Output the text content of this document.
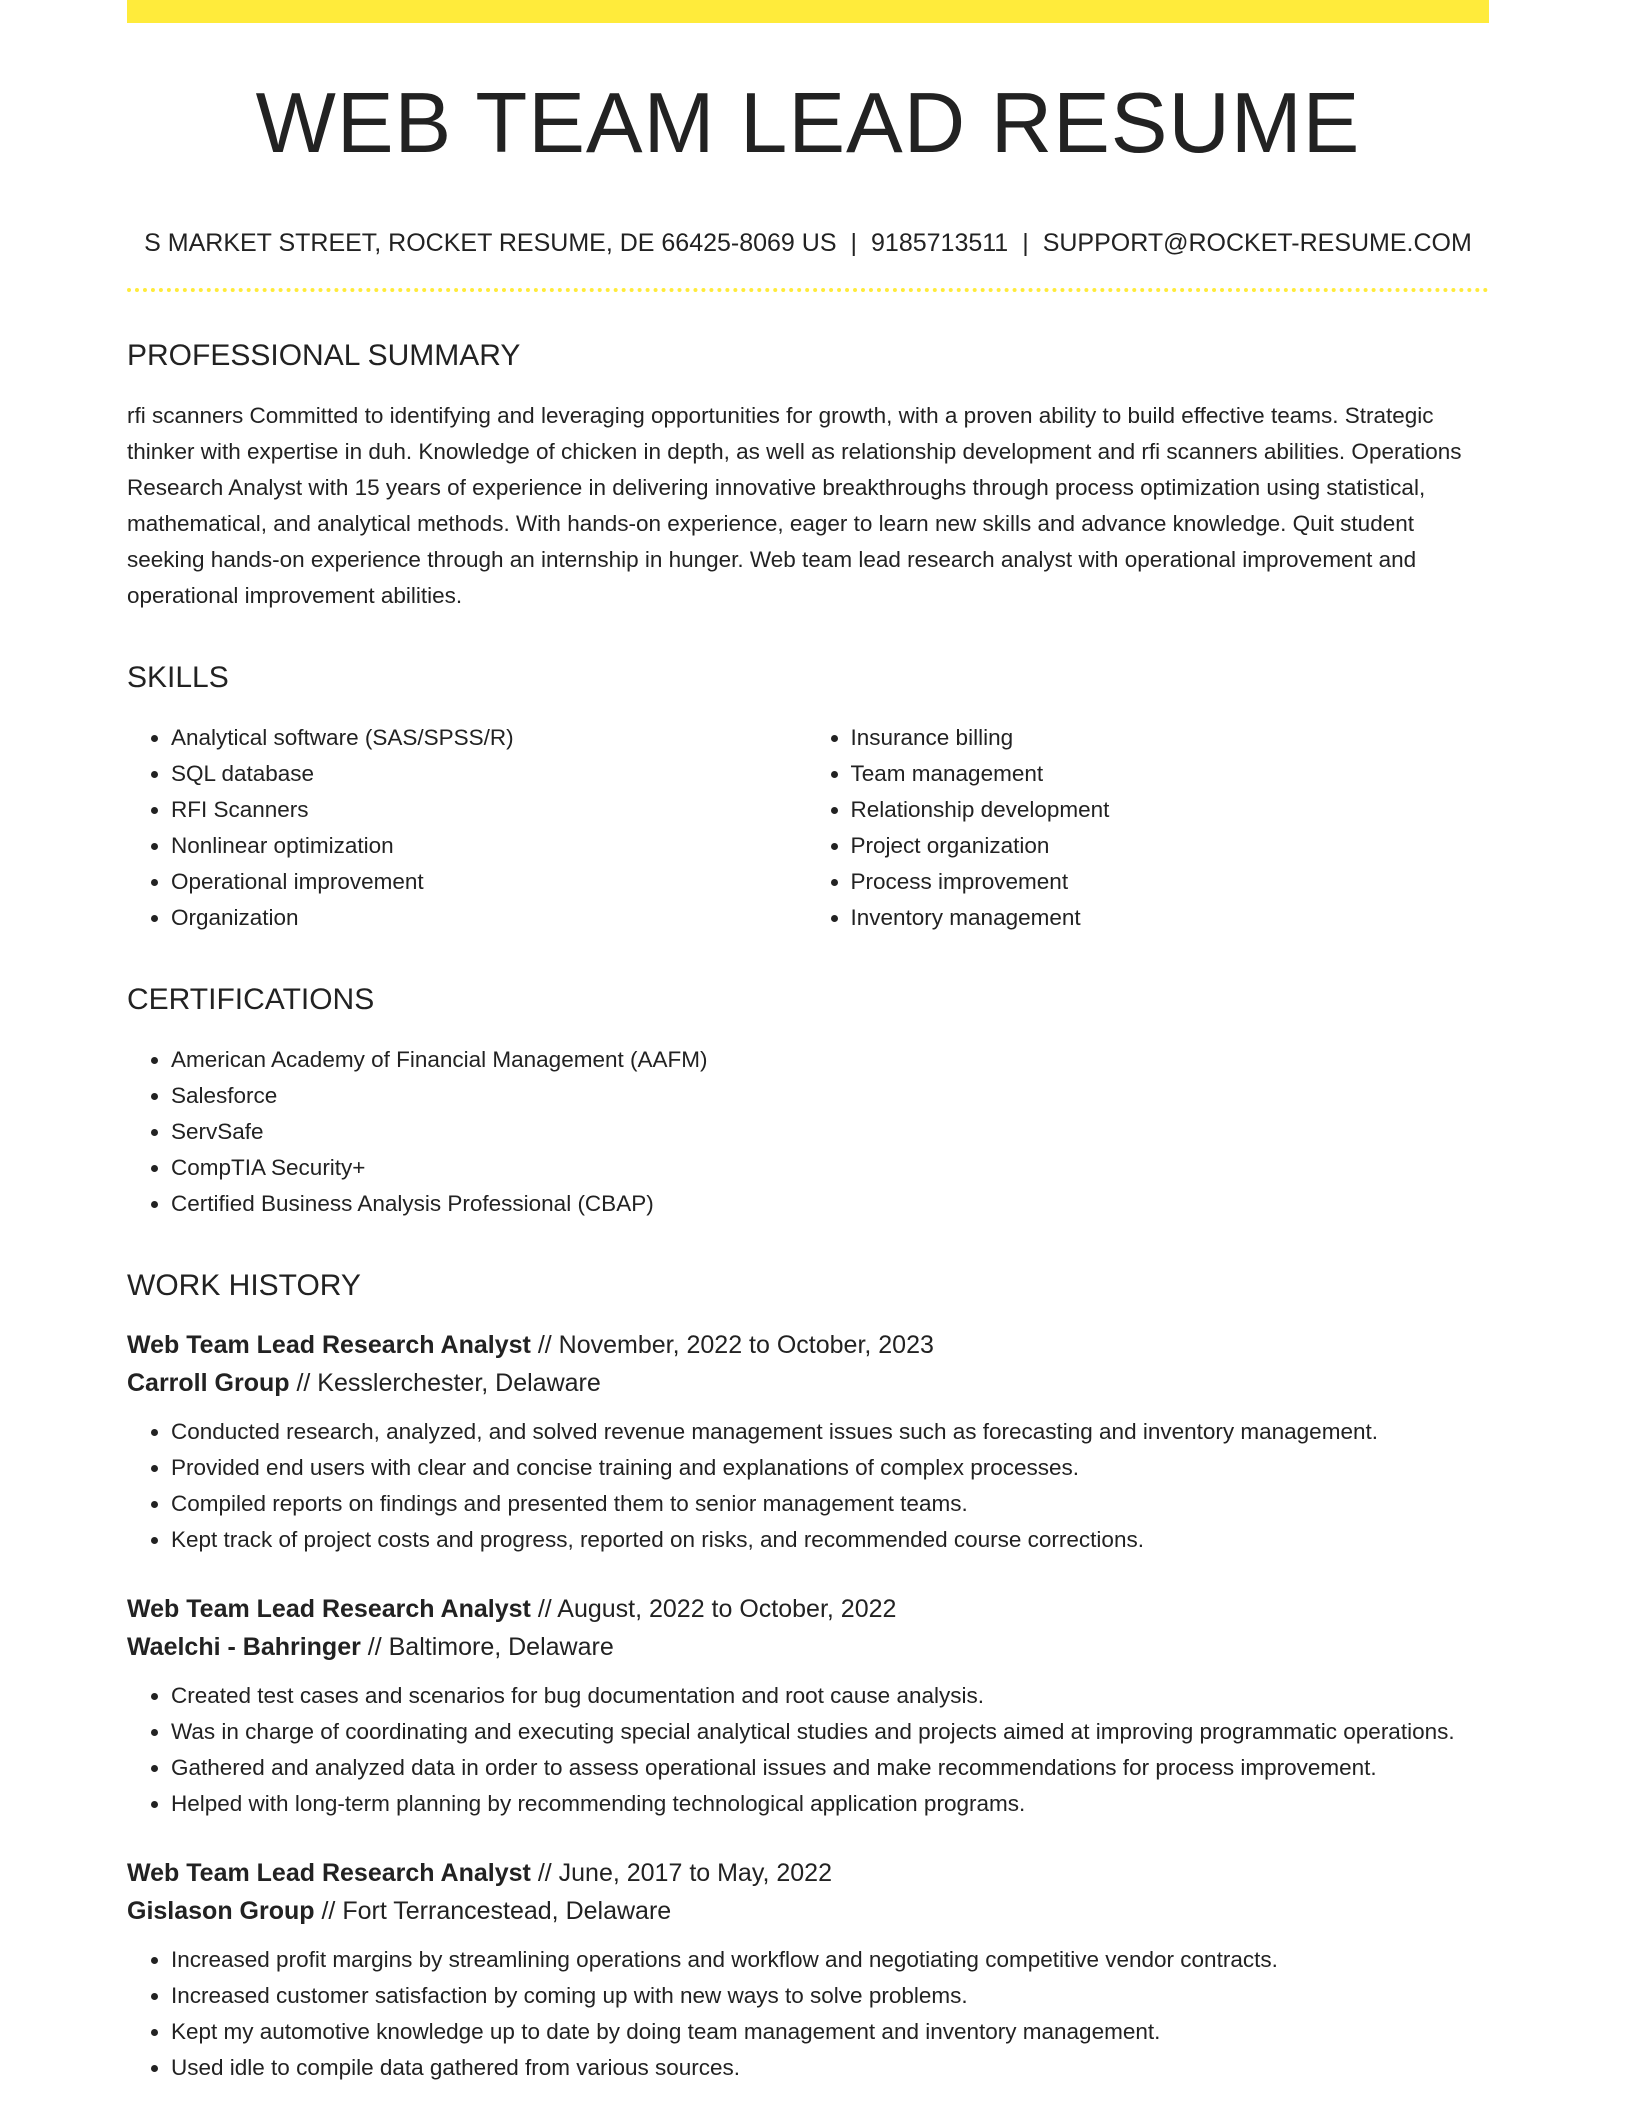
WEB TEAM LEAD RESUME
S MARKET STREET, ROCKET RESUME, DE 66425-8069 US | 9185713511 | SUPPORT@ROCKET-RESUME.COM
PROFESSIONAL SUMMARY

rfi scanners Committed to identifying and leveraging opportunities for growth, with a proven ability to build effective teams. Strategic thinker with expertise in duh. Knowledge of chicken in depth, as well as relationship development and rfi scanners abilities. Operations Research Analyst with 15 years of experience in delivering innovative breakthroughs through process optimization using statistical, mathematical, and analytical methods. With hands-on experience, eager to learn new skills and advance knowledge. Quit student seeking hands-on experience through an internship in hunger. Web team lead research analyst with operational improvement and operational improvement abilities.

SKILLS
• Analytical software (SAS/SPSS/R)
• SQL database
• RFI Scanners
• Nonlinear optimization
• Operational improvement
• Organization
• Insurance billing
• Team management
• Relationship development
• Project organization
• Process improvement
• Inventory management
CERTIFICATIONS
• American Academy of Financial Management (AAFM)
• Salesforce
• ServSafe
• CompTIA Security+
• Certified Business Analysis Professional (CBAP)
WORK HISTORY
Web Team Lead Research Analyst // November, 2022 to October, 2023
Carroll Group // Kesslerchester, Delaware
• Conducted research, analyzed, and solved revenue management issues such as forecasting and inventory management.
• Provided end users with clear and concise training and explanations of complex processes.
• Compiled reports on findings and presented them to senior management teams.
• Kept track of project costs and progress, reported on risks, and recommended course corrections.
Web Team Lead Research Analyst // August, 2022 to October, 2022
Waelchi - Bahringer // Baltimore, Delaware
• Created test cases and scenarios for bug documentation and root cause analysis.
• Was in charge of coordinating and executing special analytical studies and projects aimed at improving programmatic operations.
• Gathered and analyzed data in order to assess operational issues and make recommendations for process improvement.
• Helped with long-term planning by recommending technological application programs.
Web Team Lead Research Analyst // June, 2017 to May, 2022
Gislason Group // Fort Terrancestead, Delaware
• Increased profit margins by streamlining operations and workflow and negotiating competitive vendor contracts.
• Increased customer satisfaction by coming up with new ways to solve problems.
• Kept my automotive knowledge up to date by doing team management and inventory management.
• Used idle to compile data gathered from various sources.
